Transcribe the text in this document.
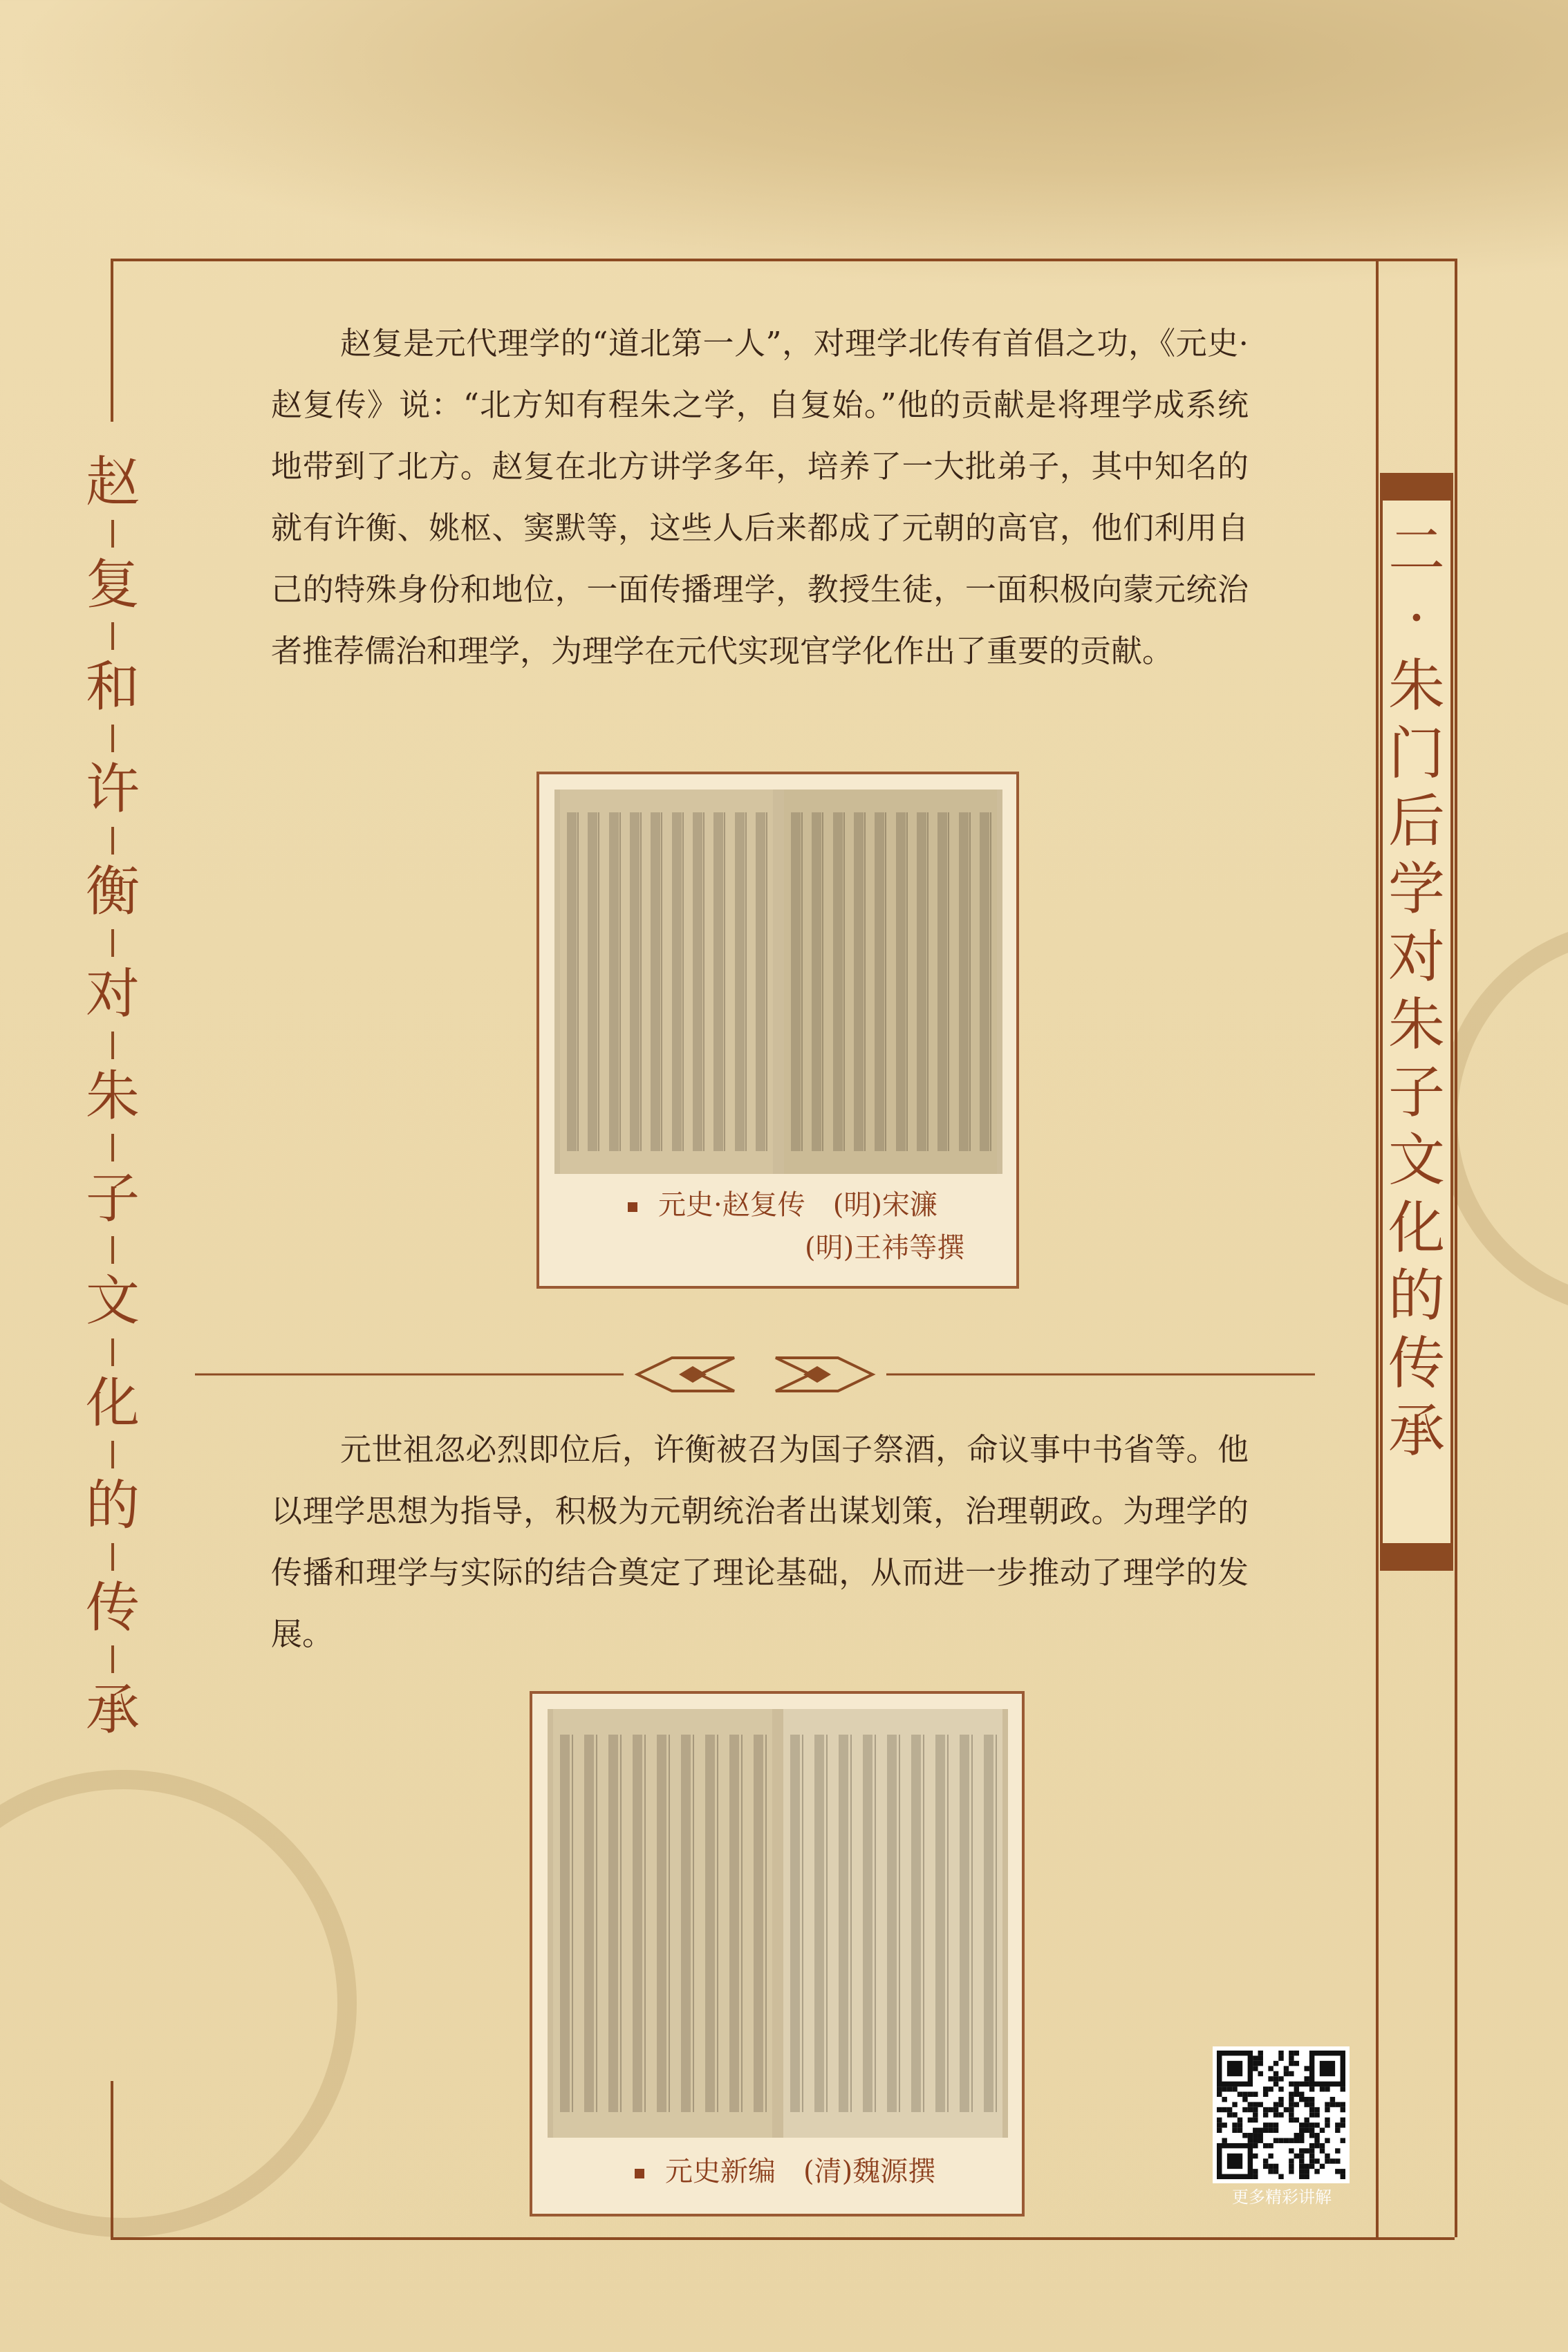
赵
复
和
许
衡
对
朱
子
文
化
的
传
承
二
·
朱
门
后
学
对
朱
子
文
化
的
传
承

赵复是元代理学的“道北第一人”，对理学北传有首倡之功，《元史·赵复传》说：“北方知有程朱之学，自复始。”他的贡献是将理学成系统地带到了北方。赵复在北方讲学多年，培养了一大批弟子，其中知名的就有许衡、姚枢、窦默等，这些人后来都成了元朝的高官，他们利用自己的特殊身份和地位，一面传播理学，教授生徒，一面积极向蒙元统治者推荐儒治和理学，为理学在元代实现官学化作出了重要的贡献。

元史·赵复传　(明)宋濂
(明)王祎等撰

元世祖忽必烈即位后，许衡被召为国子祭酒，命议事中书省等。他以理学思想为指导，积极为元朝统治者出谋划策，治理朝政。为理学的传播和理学与实际的结合奠定了理论基础，从而进一步推动了理学的发展。

元史新编　(清)魏源撰
更多精彩讲解
